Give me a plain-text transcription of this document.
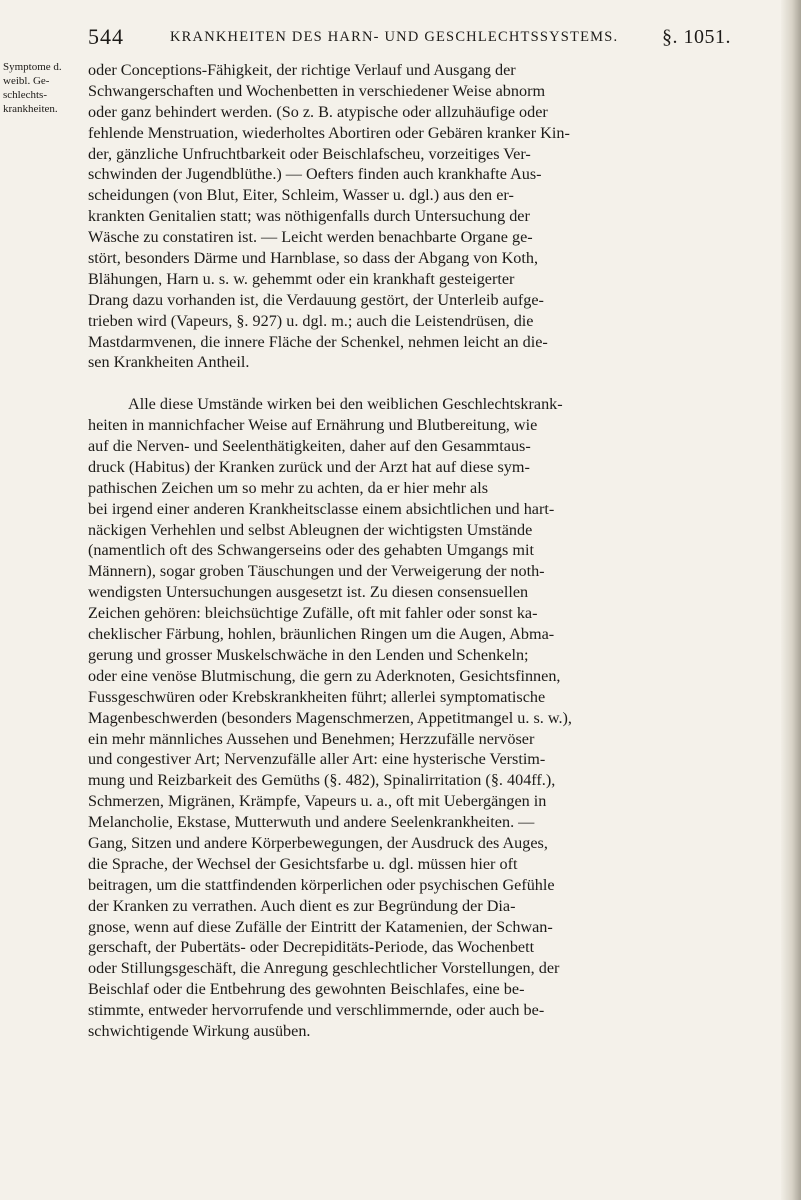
544	KRANKHEITEN DES HARN- UND GESCHLECHTSSYSTEMS. §. 1051.
Symptome d.
weibl. Ge-
schlechts-
krankheiten.
oder Conceptions-Fähigkeit, der richtige Verlauf und Ausgang der
Schwangerschaften und Wochenbetten in verschiedener Weise abnorm
oder ganz behindert werden. (So z. B. atypische oder allzuhäufige oder
fehlende Menstruation, wiederholtes Abortiren oder Gebären kranker Kin-
der, gänzliche Unfruchtbarkeit oder Beischlafscheu, vorzeitiges Ver-
schwinden der Jugendblüthe.) — Oefters finden auch krankhafte Aus-
scheidungen (von Blut, Eiter, Schleim, Wasser u. dgl.) aus den er-
krankten Genitalien statt; was nöthigenfalls durch Untersuchung der
Wäsche zu constatiren ist. — Leicht werden benachbarte Organe ge-
stört, besonders Därme und Harnblase, so dass der Abgang von Koth,
Blähungen, Harn u. s. w. gehemmt oder ein krankhaft gesteigerter
Drang dazu vorhanden ist, die Verdauung gestört, der Unterleib aufge-
trieben wird (Vapeurs, §. 927) u. dgl. m.; auch die Leistendrüsen, die
Mastdarmvenen, die innere Fläche der Schenkel, nehmen leicht an die-
sen Krankheiten Antheil.
Alle diese Umstände wirken bei den weiblichen Geschlechtskrank-
heiten in mannichfacher Weise auf Ernährung und Blutbereitung, wie
auf die Nerven- und Seelenthätigkeiten, daher auf den Gesammtaus-
druck (Habitus) der Kranken zurück und der Arzt hat auf diese sym-
pathischen Zeichen um so mehr zu achten, da er hier mehr als
bei irgend einer anderen Krankheitsclasse einem absichtlichen und hart-
näckigen Verhehlen und selbst Ableugnen der wichtigsten Umstände
(namentlich oft des Schwangerseins oder des gehabten Umgangs mit
Männern), sogar groben Täuschungen und der Verweigerung der noth-
wendigsten Untersuchungen ausgesetzt ist. Zu diesen consensuellen
Zeichen gehören: bleichsüchtige Zufälle, oft mit fahler oder sonst ka-
cheklischer Färbung, hohlen, bräunlichen Ringen um die Augen, Abma-
gerung und grosser Muskelschwäche in den Lenden und Schenkeln;
oder eine venöse Blutmischung, die gern zu Aderknoten, Gesichtsfinnen,
Fussgeschwüren oder Krebskrankheiten führt; allerlei symptomatische
Magenbeschwerden (besonders Magenschmerzen, Appetitmangel u. s. w.),
ein mehr männliches Aussehen und Benehmen; Herzzufälle nervöser
und congestiver Art; Nervenzufälle aller Art: eine hysterische Verstim-
mung und Reizbarkeit des Gemüths (§. 482), Spinalirritation (§. 404ff.),
Schmerzen, Migränen, Krämpfe, Vapeurs u. a., oft mit Uebergängen in
Melancholie, Ekstase, Mutterwuth und andere Seelenkrankheiten. —
Gang, Sitzen und andere Körperbewegungen, der Ausdruck des Auges,
die Sprache, der Wechsel der Gesichtsfarbe u. dgl. müssen hier oft
beitragen, um die stattfindenden körperlichen oder psychischen Gefühle
der Kranken zu verrathen. Auch dient es zur Begründung der Dia-
gnose, wenn auf diese Zufälle der Eintritt der Katamenien, der Schwan-
gerschaft, der Pubertäts- oder Decrepiditäts-Periode, das Wochenbett
oder Stillungsgeschäft, die Anregung geschlechtlicher Vorstellungen, der
Beischlaf oder die Entbehrung des gewohnten Beischlafes, eine be-
stimmte, entweder hervorrufende und verschlimmernde, oder auch be-
schwichtigende Wirkung ausüben.
